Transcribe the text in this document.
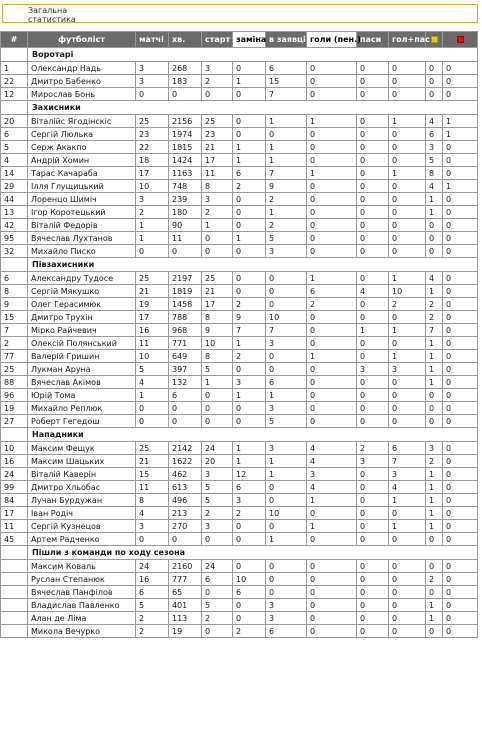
Загальна
статистика
#	футболіст	матчі	хв.	старт	заміна	в заявці	голи (пен.)	паси	гол+пас		
	Воротарі										
1	Олександр Надь	3	268	3	0	6	0	0	0	0	0
22	Дмитро Бабенко	3	183	2	1	15	0	0	0	0	0
12	Мирослав Бонь	0	0	0	0	7	0	0	0	0	0
	Захисники										
20	Віталійс Ягодінскіс	25	2156	25	0	1	1	0	1	4	1
6	Сергій Люлька	23	1974	23	0	0	0	0	0	6	1
5	Серж Акакпо	22	1815	21	1	1	0	0	0	3	0
4	Андрій Хомин	18	1424	17	1	1	0	0	0	5	0
14	Тарас Качараба	17	1163	11	6	7	1	0	1	8	0
29	Ілля Глущицький	10	748	8	2	9	0	0	0	4	1
44	Лоренцо Шиміч	3	239	3	0	2	0	0	0	1	0
13	Ігор Коротецький	2	180	2	0	1	0	0	0	1	0
42	Віталій Федорів	1	90	1	0	2	0	0	0	0	0
95	Вячеслав Лухтанов	1	11	0	1	5	0	0	0	0	0
32	Михайло Писко	0	0	0	0	3	0	0	0	0	0
	Півзахисники										
6	Александру Тудосе	25	2197	25	0	0	1	0	1	4	0
8	Сергій Мякушко	21	1819	21	0	0	6	4	10	1	0
9	Олег Герасимюк	19	1458	17	2	0	2	0	2	2	0
15	Дмитро Трухін	17	788	8	9	10	0	0	0	2	0
7	Мірко Райчевич	16	968	9	7	7	0	1	1	7	0
2	Олексій Полянський	11	771	10	1	3	0	0	0	1	0
77	Валерій Гришин	10	649	8	2	0	1	0	1	1	0
25	Лукман Аруна	5	397	5	0	0	0	3	3	1	0
88	Вячеслав Акімов	4	132	1	3	6	0	0	0	1	0
96	Юрій Тома	1	6	0	1	1	0	0	0	0	0
19	Михайло Реплюк	0	0	0	0	3	0	0	0	0	0
27	Роберт Гегедош	0	0	0	0	5	0	0	0	0	0
	Нападники										
10	Максим Фещук	25	2142	24	1	3	4	2	6	3	0
16	Максим Шацьких	21	1622	20	1	1	4	3	7	2	0
24	Віталій Каверін	15	462	3	12	1	3	0	3	1	0
99	Дмитро Хльобас	11	613	5	6	0	4	0	4	1	0
84	Лучан Бурдужан	8	496	5	3	0	1	0	1	1	0
17	Іван Родіч	4	213	2	2	10	0	0	0	1	0
11	Сергій Кузнецов	3	270	3	0	0	1	0	1	1	0
45	Артем Радченко	0	0	0	0	1	0	0	0	0	0
	Пішли з команди по ходу сезона										
	Максим Коваль	24	2160	24	0	0	0	0	0	0	0
	Руслан Степанюк	16	777	6	10	0	0	0	0	2	0
	Вячеслав Панфілов	6	65	0	6	0	0	0	0	0	0
	Владислав Павленко	5	401	5	0	3	0	0	0	1	0
	Алан де Ліма	2	113	2	0	3	0	0	0	1	0
	Микола Вечурко	2	19	0	2	6	0	0	0	0	0
